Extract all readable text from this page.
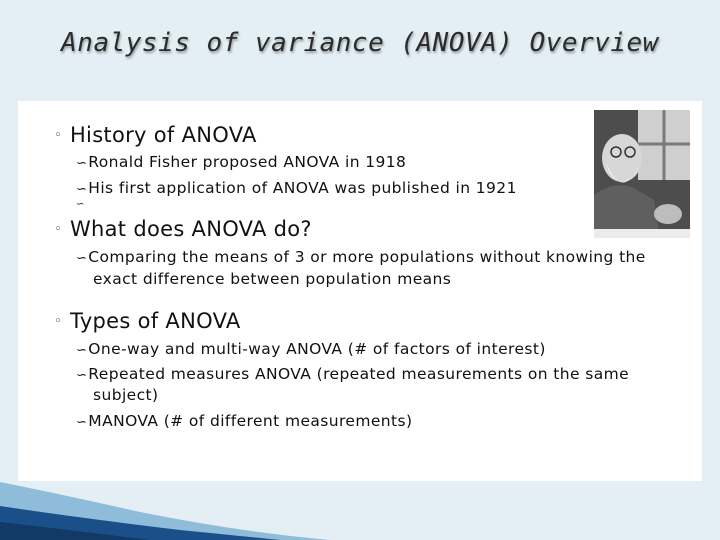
Analysis of variance (ANOVA) Overview

◦ History of ANOVA

∽Ronald Fisher proposed ANOVA in 1918

∽His first application of ANOVA was published in 1921

∽

◦ What does ANOVA do?

∽Comparing the means of 3 or more populations without knowing the

exact difference between population means

◦ Types of ANOVA

∽One-way and multi-way ANOVA (# of factors of interest)

∽Repeated measures ANOVA (repeated measurements on the same

subject)

∽MANOVA (# of different measurements)
